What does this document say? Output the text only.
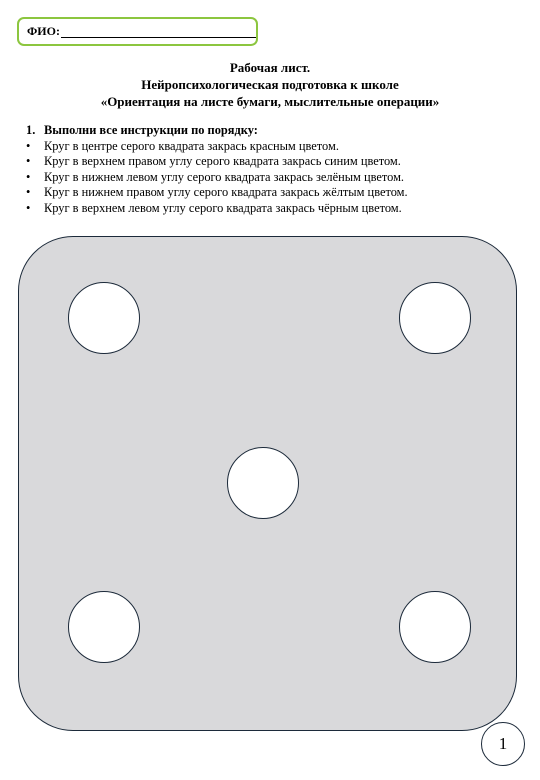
ФИО:
Рабочая лист.
Нейропсихологическая подготовка к школе
«Ориентация на листе бумаги, мыслительные операции»
1. Выполни все инструкции по порядку:
• Круг в центре серого квадрата закрась красным цветом.
• Круг в верхнем правом углу серого квадрата закрась синим цветом.
• Круг в нижнем левом углу серого квадрата закрась зелёным цветом.
• Круг в нижнем правом углу серого квадрата закрась жёлтым цветом.
• Круг в верхнем левом углу серого квадрата закрась чёрным цветом.
1
